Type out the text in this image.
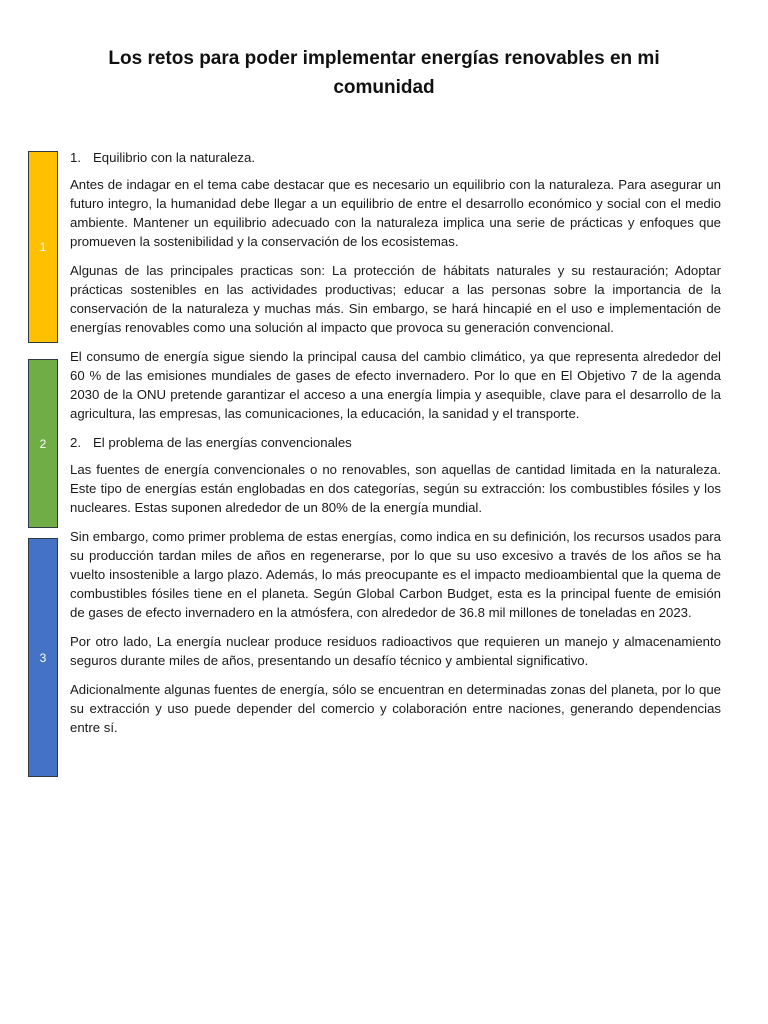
Los retos para poder implementar energías renovables en mi comunidad
1
2
3

1. Equilibrio con la naturaleza.

Antes de indagar en el tema cabe destacar que es necesario un equilibrio con la naturaleza. Para asegurar un futuro integro, la humanidad debe llegar a un equilibrio de entre el desarrollo económico y social con el medio ambiente. Mantener un equilibrio adecuado con la naturaleza implica una serie de prácticas y enfoques que promueven la sostenibilidad y la conservación de los ecosistemas.

Algunas de las principales practicas son: La protección de hábitats naturales y su restauración; Adoptar prácticas sostenibles en las actividades productivas; educar a las personas sobre la importancia de la conservación de la naturaleza y muchas más. Sin embargo, se hará hincapié en el uso e implementación de energías renovables como una solución al impacto que provoca su generación convencional.

El consumo de energía sigue siendo la principal causa del cambio climático, ya que representa alrededor del 60 % de las emisiones mundiales de gases de efecto invernadero. Por lo que en El Objetivo 7 de la agenda 2030 de la ONU pretende garantizar el acceso a una energía limpia y asequible, clave para el desarrollo de la agricultura, las empresas, las comunicaciones, la educación, la sanidad y el transporte.

2. El problema de las energías convencionales

Las fuentes de energía convencionales o no renovables, son aquellas de cantidad limitada en la naturaleza. Este tipo de energías están englobadas en dos categorías, según su extracción: los combustibles fósiles y los nucleares. Estas suponen alrededor de un 80% de la energía mundial.

Sin embargo, como primer problema de estas energías, como indica en su definición, los recursos usados para su producción tardan miles de años en regenerarse, por lo que su uso excesivo a través de los años se ha vuelto insostenible a largo plazo. Además, lo más preocupante es el impacto medioambiental que la quema de combustibles fósiles tiene en el planeta. Según Global Carbon Budget, esta es la principal fuente de emisión de gases de efecto invernadero en la atmósfera, con alrededor de 36.8 mil millones de toneladas en 2023.

Por otro lado, La energía nuclear produce residuos radioactivos que requieren un manejo y almacenamiento seguros durante miles de años, presentando un desafío técnico y ambiental significativo.

Adicionalmente algunas fuentes de energía, sólo se encuentran en determinadas zonas del planeta, por lo que su extracción y uso puede depender del comercio y colaboración entre naciones, generando dependencias entre sí.
